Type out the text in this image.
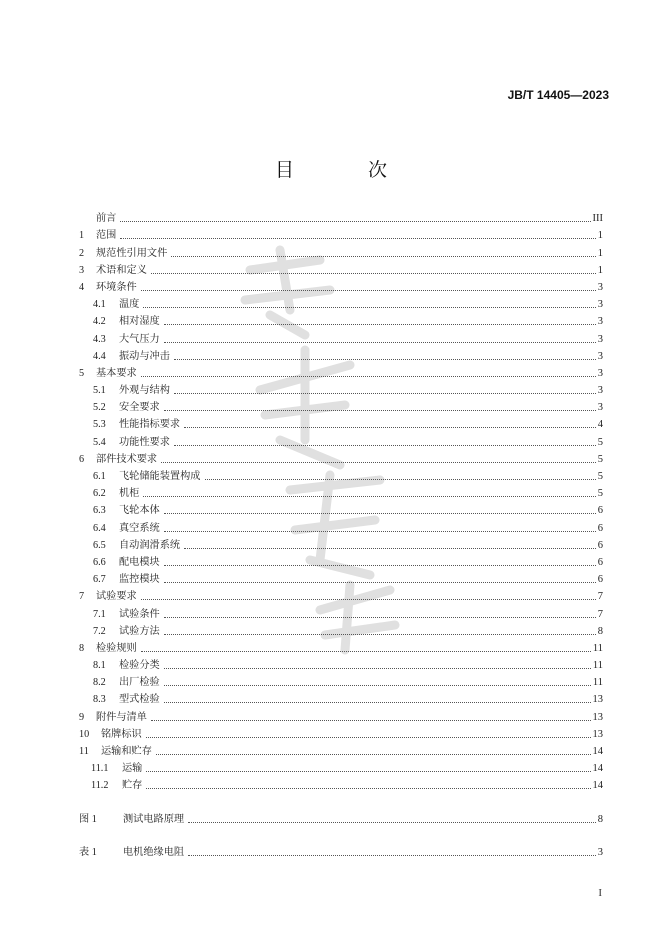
JB/T 14405—2023
目 次
前言	III
1	范围	1
2	规范性引用文件	1
3	术语和定义	1
4	环境条件	3
4.1	温度	3
4.2	相对湿度	3
4.3	大气压力	3
4.4	振动与冲击	3
5	基本要求	3
5.1	外观与结构	3
5.2	安全要求	3
5.3	性能指标要求	4
5.4	功能性要求	5
6	部件技术要求	5
6.1	飞轮储能装置构成	5
6.2	机柜	5
6.3	飞轮本体	6
6.4	真空系统	6
6.5	自动润滑系统	6
6.6	配电模块	6
6.7	监控模块	6
7	试验要求	7
7.1	试验条件	7
7.2	试验方法	8
8	检验规则	11
8.1	检验分类	11
8.2	出厂检验	11
8.3	型式检验	13
9	附件与清单	13
10	铭牌标识	13
11	运输和贮存	14
11.1	运输	14
11.2	贮存	14
图 1	测试电路原理	8
表 1	电机绝缘电阻	3
I
